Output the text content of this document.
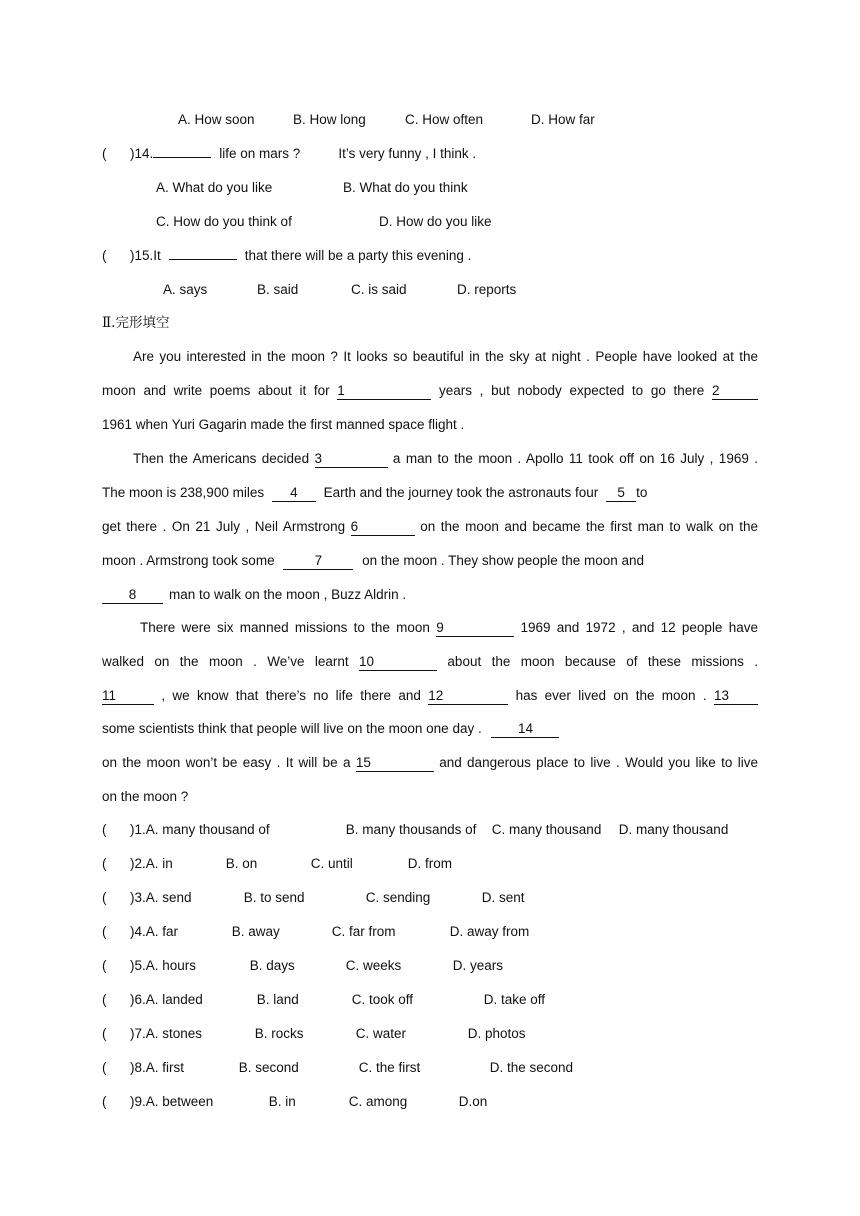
A. How soon	B. How long	C. How often	D. How far
( )14.	life on mars ?	It’s very funny , I think .
A. What do you like	B. What do you think
C. How do you think of	D. How do you like
( )15.It	that there will be a party this evening .
A. says	B. said	C. is said	D. reports
Ⅱ.完形填空
Are you interested in the moon ? It looks so beautiful in the sky at night . People have looked at the
moon and write poems about it for 1	years , but nobody expected to go there 2
1961 when Yuri Gagarin made the first manned space flight .
Then the Americans decided 3	a man to the moon . Apollo 11 took off on 16 July , 1969 .
The moon is 238,900 miles 4 Earth and the journey took the astronauts four 5 to
get there . On 21 July , Neil Armstrong 6	on the moon and became the first man to walk on the
moon . Armstrong took some	7	on the moon . They show people the moon and
8 man to walk on the moon , Buzz Aldrin .
There were six manned missions to the moon 9	1969 and 1972 , and 12 people have
walked on the moon . We’ve learnt 10	about the moon because of these missions .
11	, we know that there’s no life there and 12	has ever lived on the moon . 13
some scientists think that people will live on the moon one day .	14
on the moon won’t be easy . It will be a 15	and dangerous place to live . Would you like to live
on the moon ?
( )1.A. many thousand of	B. many thousands of C. many thousand D. many thousand
( )2.A. in	B. on	C. until	D. from
( )3.A. send	B. to send	C. sending	D. sent
( )4.A. far	B. away	C. far from	D. away from
( )5.A. hours	B. days	C. weeks	D. years
( )6.A. landed	B. land	C. took off	D. take off
( )7.A. stones	B. rocks	C. water	D. photos
( )8.A. first	B. second	C. the first	D. the second
( )9.A. between	B. in	C. among	D.on
